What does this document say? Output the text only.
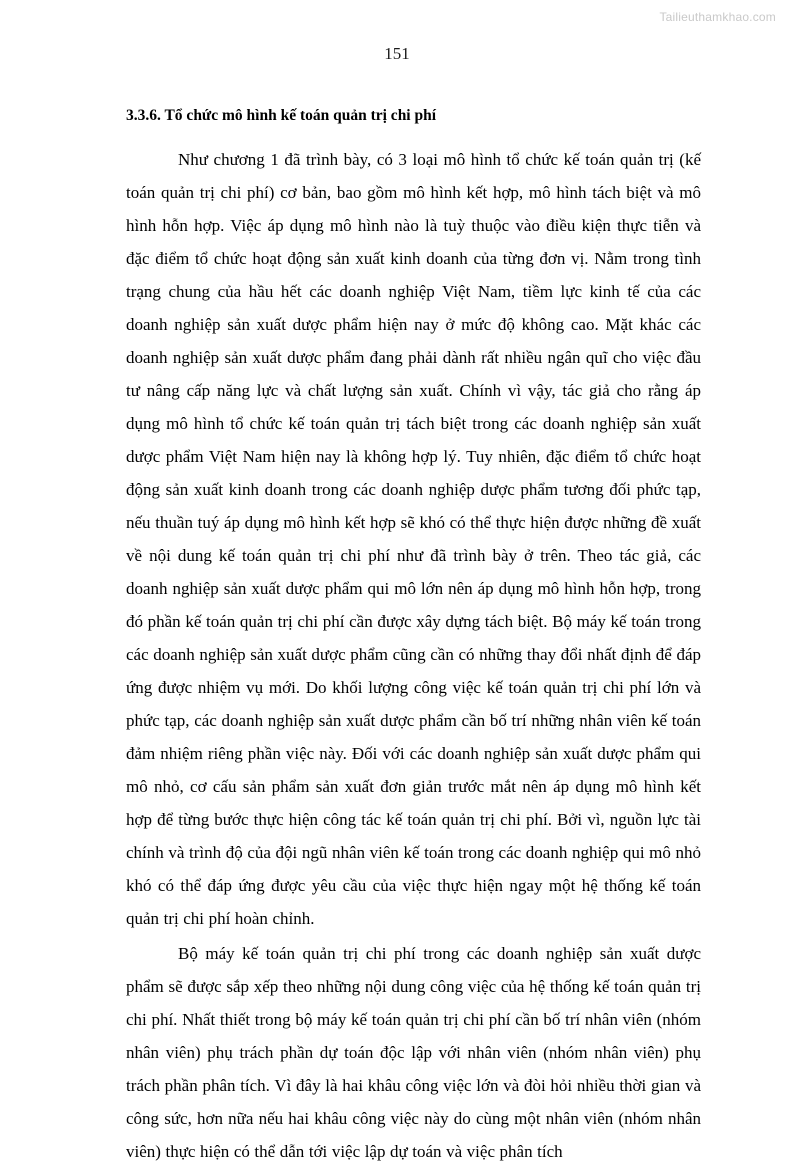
Tailieuthamkhao.com
151
3.3.6. Tổ chức mô hình kế toán quản trị chi phí

Như chương 1 đã trình bày, có 3 loại mô hình tổ chức kế toán quản trị (kế toán quản trị chi phí) cơ bản, bao gồm mô hình kết hợp, mô hình tách biệt và mô hình hỗn hợp. Việc áp dụng mô hình nào là tuỳ thuộc vào điều kiện thực tiễn và đặc điểm tổ chức hoạt động sản xuất kinh doanh của từng đơn vị. Nằm trong tình trạng chung của hầu hết các doanh nghiệp Việt Nam, tiềm lực kinh tế của các doanh nghiệp sản xuất dược phẩm hiện nay ở mức độ không cao. Mặt khác các doanh nghiệp sản xuất dược phẩm đang phải dành rất nhiều ngân quĩ cho việc đầu tư nâng cấp năng lực và chất lượng sản xuất. Chính vì vậy, tác giả cho rằng áp dụng mô hình tổ chức kế toán quản trị tách biệt trong các doanh nghiệp sản xuất dược phẩm Việt Nam hiện nay là không hợp lý. Tuy nhiên, đặc điểm tổ chức hoạt động sản xuất kinh doanh trong các doanh nghiệp dược phẩm tương đối phức tạp, nếu thuần tuý áp dụng mô hình kết hợp sẽ khó có thể thực hiện được những đề xuất về nội dung kế toán quản trị chi phí như đã trình bày ở trên. Theo tác giả, các doanh nghiệp sản xuất dược phẩm qui mô lớn nên áp dụng mô hình hỗn hợp, trong đó phần kế toán quản trị chi phí cần được xây dựng tách biệt. Bộ máy kế toán trong các doanh nghiệp sản xuất dược phẩm cũng cần có những thay đổi nhất định để đáp ứng được nhiệm vụ mới. Do khối lượng công việc kế toán quản trị chi phí lớn và phức tạp, các doanh nghiệp sản xuất dược phẩm cần bố trí những nhân viên kế toán đảm nhiệm riêng phần việc này. Đối với các doanh nghiệp sản xuất dược phẩm qui mô nhỏ, cơ cấu sản phẩm sản xuất đơn giản trước mắt nên áp dụng mô hình kết hợp để từng bước thực hiện công tác kế toán quản trị chi phí. Bởi vì, nguồn lực tài chính và trình độ của đội ngũ nhân viên kế toán trong các doanh nghiệp qui mô nhỏ khó có thể đáp ứng được yêu cầu của việc thực hiện ngay một hệ thống kế toán quản trị chi phí hoàn chỉnh.

Bộ máy kế toán quản trị chi phí trong các doanh nghiệp sản xuất dược phẩm sẽ được sắp xếp theo những nội dung công việc của hệ thống kế toán quản trị chi phí. Nhất thiết trong bộ máy kế toán quản trị chi phí cần bố trí nhân viên (nhóm nhân viên) phụ trách phần dự toán độc lập với nhân viên (nhóm nhân viên) phụ trách phần phân tích. Vì đây là hai khâu công việc lớn và đòi hỏi nhiều thời gian và công sức, hơn nữa nếu hai khâu công việc này do cùng một nhân viên (nhóm nhân viên) thực hiện có thể dẫn tới việc lập dự toán và việc phân tích
